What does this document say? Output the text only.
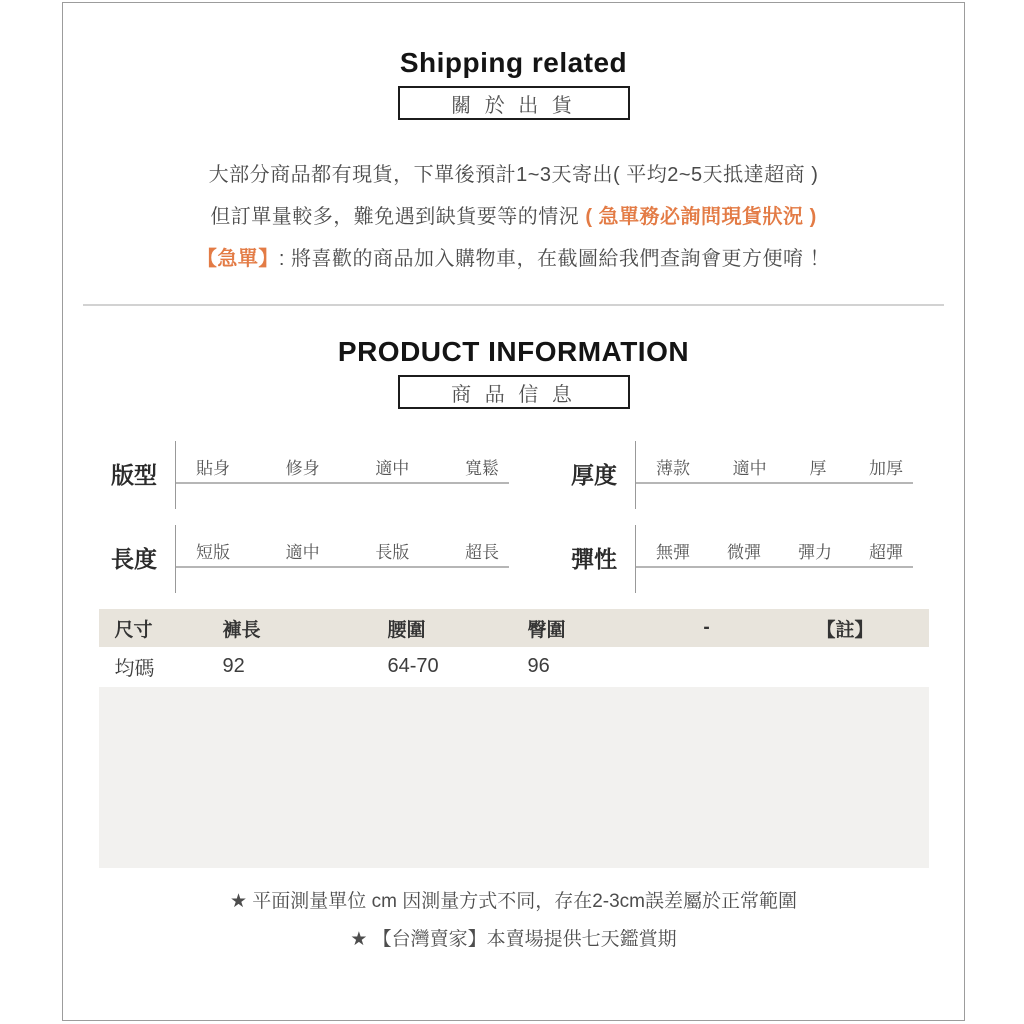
Shipping related
關 於 出 貨
大部分商品都有現貨，下單後預計1~3天寄出( 平均2~5天抵達超商 )
但訂單量較多，難免遇到缺貨要等的情況 ( 急單務必詢問現貨狀況 )
【急單】: 將喜歡的商品加入購物車，在截圖給我們查詢會更方便唷 ！
PRODUCT INFORMATION
商 品 信 息
版型	貼身	修身	適中	寬鬆	厚度	薄款	適中	厚	加厚
長度	短版	適中	長版	超長	彈性	無彈 微彈 彈力 超彈
尺寸	褲長	腰圍	臀圍	-	【註】
均碼	92	64-70	96		
★ 平面測量單位 cm 因測量方式不同，存在2-3cm誤差屬於正常範圍
★ 【台灣賣家】本賣場提供七天鑑賞期
